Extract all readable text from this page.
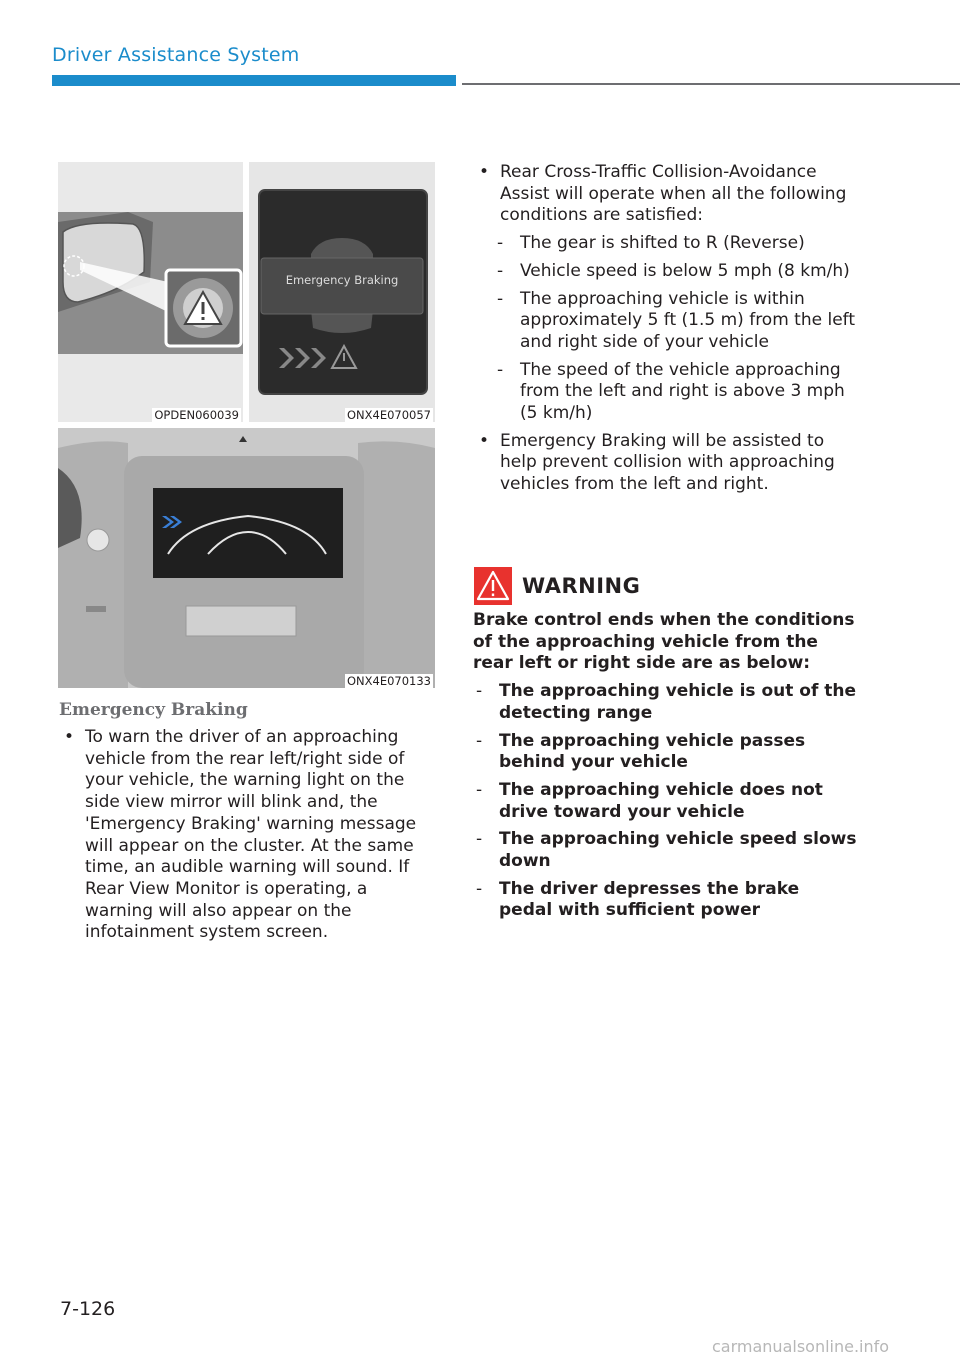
Driver Assistance System
OPDEN060039
Emergency Braking
ONX4E070057
ONX4E070133
Emergency Braking
• To warn the driver of an approaching vehicle from the rear left/right side of your vehicle, the warning light on the side view mirror will blink and, the 'Emergency Braking' warning message will appear on the cluster. At the same time, an audible warning will sound. If Rear View Monitor is operating, a warning will also appear on the infotainment system screen.
• Rear Cross-Traffic Collision-Avoidance Assist will operate when all the following conditions are satisfied:
- The gear is shifted to R (Reverse)
- Vehicle speed is below 5 mph (8 km/h)
- The approaching vehicle is within approximately 5 ft (1.5 m) from the left and right side of your vehicle
- The speed of the vehicle approaching from the left and right is above 3 mph (5 km/h)
• Emergency Braking will be assisted to help prevent collision with approaching vehicles from the left and right.
WARNING

Brake control ends when the conditions of the approaching vehicle from the rear left or right side are as below:

- The approaching vehicle is out of the detecting range
- The approaching vehicle passes behind your vehicle
- The approaching vehicle does not drive toward your vehicle
- The approaching vehicle speed slows down
- The driver depresses the brake pedal with sufficient power
7-126
carmanualsonline.info
